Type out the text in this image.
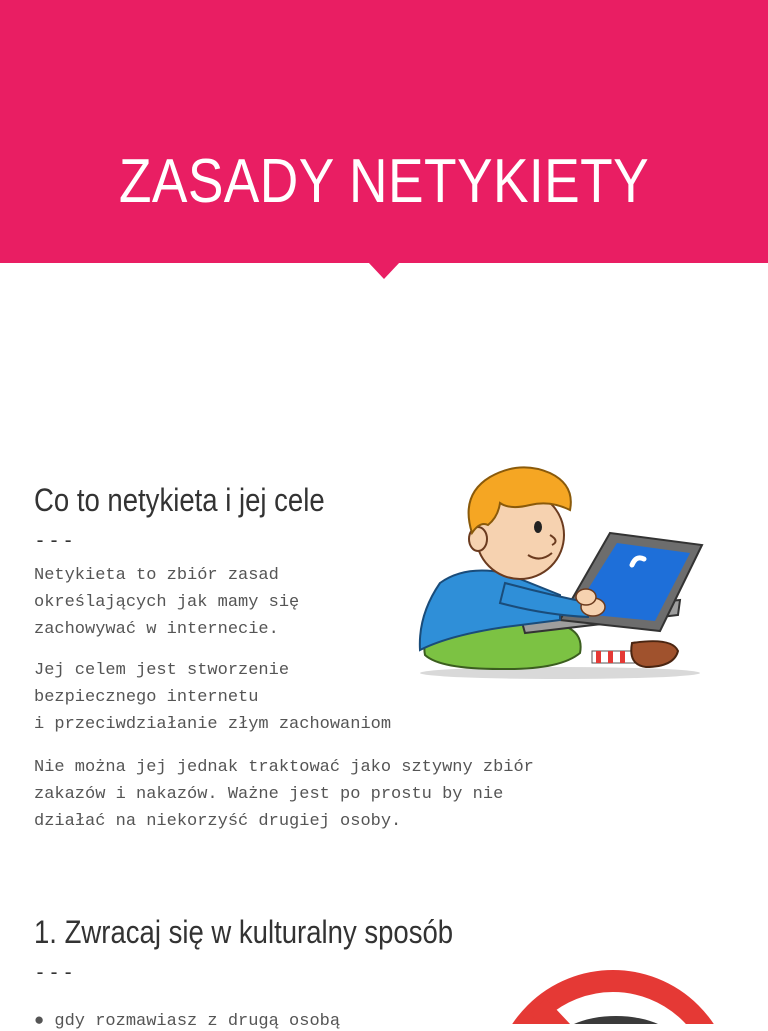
ZASADY NETYKIETY
Co to netykieta i jej cele
---

Netykieta to zbiór zasad
określających jak mamy się
zachowywać w internecie.

Jej celem jest stworzenie
bezpiecznego internetu
i przeciwdziałanie złym zachowaniom

Nie można jej jednak traktować jako sztywny zbiór
zakazów i nakazów. Ważne jest po prostu by nie
działać na niekorzyść drugiej osoby.

1. Zwracaj się w kulturalny sposób
---
● gdy rozmawiasz z drugą osobą
